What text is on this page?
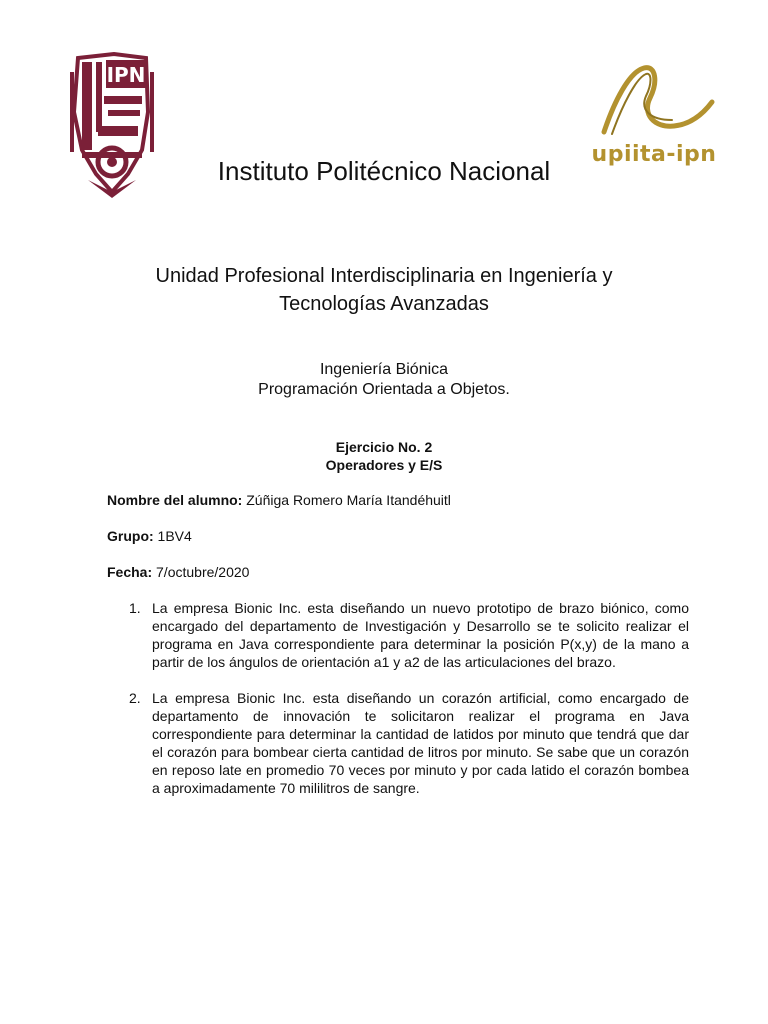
IPN
upiita-ipn
Instituto Politécnico Nacional
Unidad Profesional Interdisciplinaria en Ingeniería y
Tecnologías Avanzadas
Ingeniería Biónica
Programación Orientada a Objetos.
Ejercicio No. 2
Operadores y E/S
Nombre del alumno: Zúñiga Romero María Itandéhuitl
Grupo: 1BV4
Fecha: 7/octubre/2020
1. La empresa Bionic Inc. esta diseñando un nuevo prototipo de brazo biónico, como encargado del departamento de Investigación y Desarrollo se te solicito realizar el programa en Java correspondiente para determinar la posición P(x,y) de la mano a partir de los ángulos de orientación a1 y a2 de las articulaciones del brazo.
2. La empresa Bionic Inc. esta diseñando un corazón artificial, como encargado de departamento de innovación te solicitaron realizar el programa en Java correspondiente para determinar la cantidad de latidos por minuto que tendrá que dar el corazón para bombear cierta cantidad de litros por minuto. Se sabe que un corazón en reposo late en promedio 70 veces por minuto y por cada latido el corazón bombea a aproximadamente 70 mililitros de sangre.
